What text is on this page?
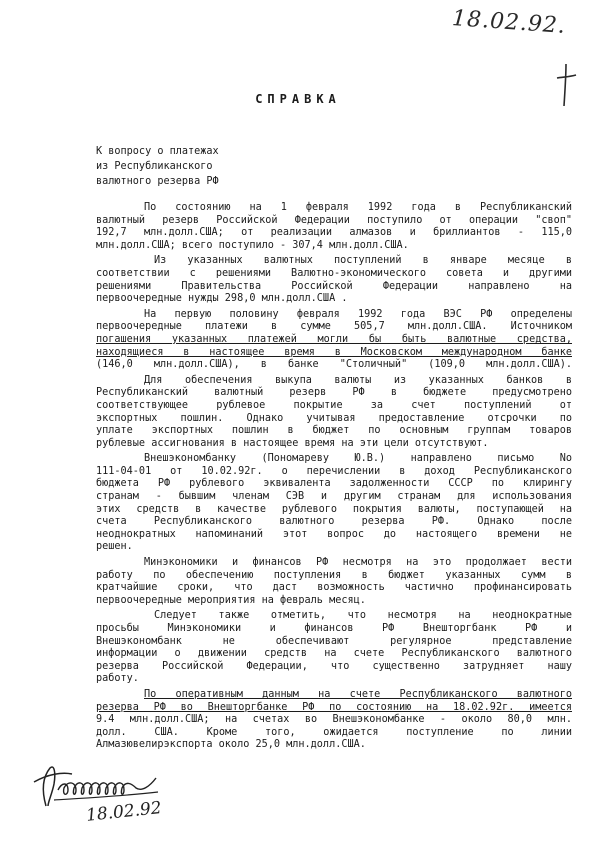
18.02.92.
СПРАВКА
К вопросу о платежах
из Республиканского
валютного резерва РФ
По состоянию на 1 февраля 1992 года в Республиканский
валютный резерв Российской Федерации поступило от операции "своп"
192,7 млн.долл.США; от реализации алмазов и бриллиантов - 115,0
млн.долл.США; всего поступило - 307,4 млн.долл.США.
Из указанных валютных поступлений в январе месяце в
соответствии с решениями Валютно-экономического совета и другими
решениями Правительства Российской Федерации направлено на
первоочередные нужды 298,0 млн.долл.США .
На первую половину февраля 1992 года ВЭС РФ определены
первоочередные платежи в сумме 505,7 млн.долл.США. Источником
погашения указанных платежей могли бы быть валютные средства,
находящиеся в настоящее время в Московском международном банке
(146,0 млн.долл.США), в банке "Столичный" (109,0 млн.долл.США).
Для обеспечения выкупа валюты из указанных банков в
Республиканский валютный резерв РФ в бюджете предусмотрено
соответствующее рублевое покрытие за счет поступлений от
экспортных пошлин. Однако учитывая предоставление отсрочки по
уплате экспортных пошлин в бюджет по основным группам товаров
рублевые ассигнования в настоящее время на эти цели отсутствуют.
Внешэкономбанку (Пономареву Ю.В.) направлено письмо No
111-04-01 от 10.02.92г. о перечислении в доход Республиканского
бюджета РФ рублевого эквивалента задолженности СССР по клирингу
странам - бывшим членам СЭВ и другим странам для использования
этих средств в качестве рублевого покрытия валюты, поступающей на
счета Республиканского валютного резерва РФ. Однако после
неоднократных напоминаний этот вопрос до настоящего времени не
решен.
Минэкономики и финансов РФ несмотря на это продолжает вести
работу по обеспечению поступления в бюджет указанных сумм в
кратчайшие сроки, что даст возможность частично профинансировать
первоочередные мероприятия на февраль месяц.
Следует также отметить, что несмотря на неоднократные
просьбы Минэкономики и финансов РФ Внешторгбанк РФ и
Внешэкономбанк не обеспечивают регулярное представление
информации о движении средств на счете Республиканского валютного
резерва Российской Федерации, что существенно затрудняет нашу
работу.
По оперативным данным на счете Республиканского валютного
резерва РФ во Внешторгбанке РФ по состоянию на 18.02.92г. имеется
9.4 млн.долл.США; на счетах во Внешэкономбанке - около 80,0 млн.
долл. США. Кроме того, ожидается поступление по линии
Алмазювелирэкспорта около 25,0 млн.долл.США.
18.02.92
